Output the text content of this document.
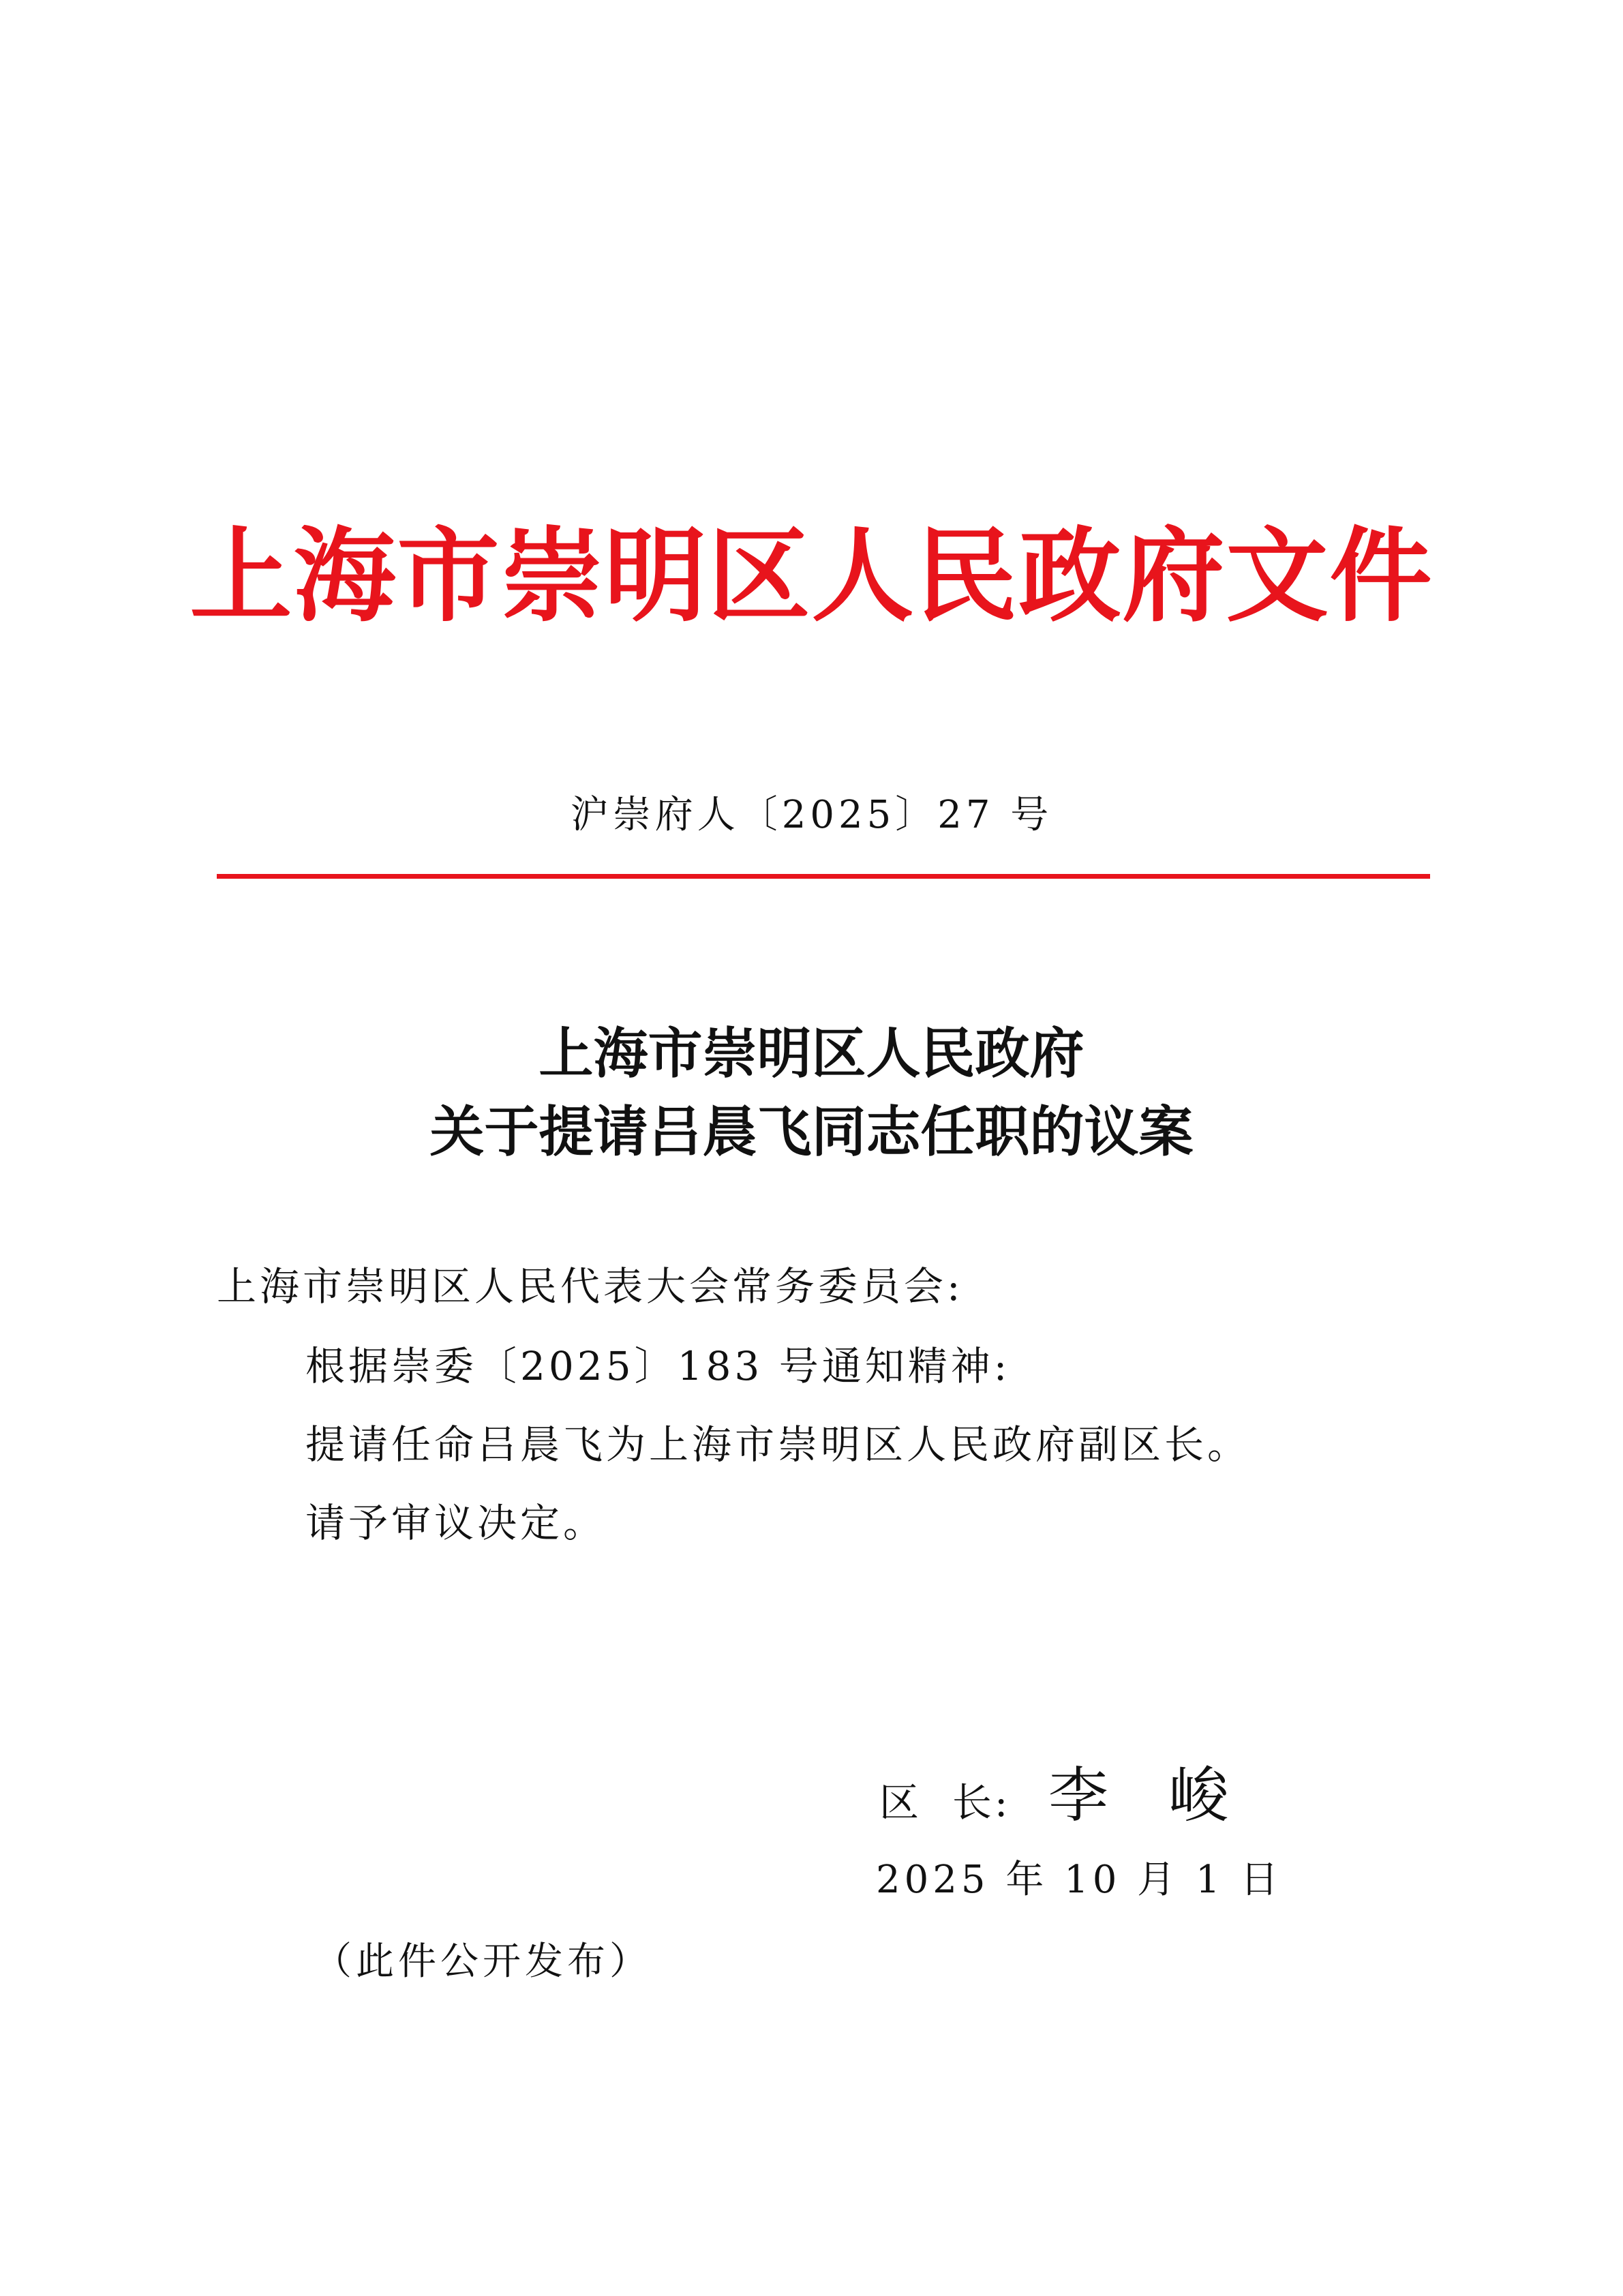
上海市崇明区人民政府文件
沪崇府人〔2025〕27 号
上海市崇明区人民政府
关于提请吕晨飞同志任职的议案
上海市崇明区人民代表大会常务委员会:
根据崇委〔2025〕183 号通知精神:
提请任命吕晨飞为上海市崇明区人民政府副区长。
请予审议决定。
区  长: 李 峻
2025 年 10 月 1 日
（此件公开发布）
